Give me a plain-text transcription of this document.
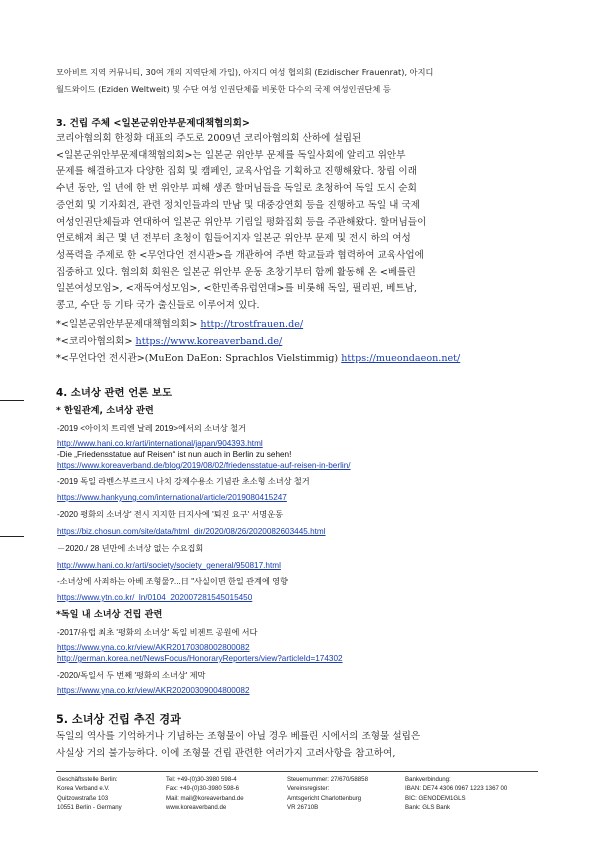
모아비트 지역 커뮤니티, 30여 개의 지역단체 가입), 아지디 여성 협의회 (Ezidischer Frauenrat), 아지디
월드와이드 (Eziden Weltweit) 및 수단 여성 인권단체를 비롯한 다수의 국제 여성인권단체 등
3. 건립 주체 <일본군위안부문제대책협의회>
코리아협의회 한정화 대표의 주도로 2009년 코리아협의회 산하에 설립된
<일본군위안부문제대책협의회>는 일본군 위안부 문제를 독일사회에 알리고 위안부
문제를 해결하고자 다양한 집회 및 캠페인, 교육사업을 기획하고 진행해왔다. 창립 이래
수년 동안, 일 년에 한 번 위안부 피해 생존 할머님들을 독일로 초청하여 독일 도시 순회
증언회 및 기자회견, 관련 정치인들과의 만남 및 대중강연회 등을 진행하고 독일 내 국제
여성인권단체들과 연대하여 일본군 위안부 기림일 평화집회 등을 주관해왔다. 할머님들이
연로해져 최근 몇 년 전부터 초청이 힘들어지자 일본군 위안부 문제 및 전시 하의 여성
성폭력을 주제로 한 <무언다언 전시관>을 개관하여 주변 학교들과 협력하여 교육사업에
집중하고 있다. 협의회 회원은 일본군 위안부 운동 초창기부터 함께 활동해 온 <베를린
일본여성모임>, <재독여성모임>, <한민족유럽연대>를 비롯해 독일, 필리핀, 베트남,
콩고, 수단 등 기타 국가 출신들로 이루어져 있다.
*<일본군위안부문제대책협의회> http://trostfrauen.de/
*<코리아협의회> https://www.koreaverband.de/
*<무언다언 전시관>(MuEon DaEon: Sprachlos Vielstimmig) https://mueondaeon.net/
4. 소녀상 관련 언론 보도
* 한일관계, 소녀상 관련
-2019 <아이치 트리엔 날레 2019>에서의 소녀상 철거
http://www.hani.co.kr/arti/international/japan/904393.html
-Die „Friedensstatue auf Reisen“ ist nun auch in Berlin zu sehen!
https://www.koreaverband.de/blog/2019/08/02/friedensstatue-auf-reisen-in-berlin/
-2019 독일 라벤스부르크시 나치 강제수용소 기념관 초소형 소녀상 철거
https://www.hankyung.com/international/article/2019080415247
-2020 평화의 소녀상' 전시 지지한 日지사에 '퇴진 요구' 서명운동
https://biz.chosun.com/site/data/html_dir/2020/08/26/2020082603445.html
－2020./ 28 년만에 소녀상 없는 수요집회
http://www.hani.co.kr/arti/society/society_general/950817.html
-소녀상에 사죄하는 아베 조형물?...日 "사실이면 한일 관계에 영향
https://www.ytn.co.kr/_ln/0104_202007281545015450
*독일 내 소녀상 건립 관련
-2017/유럽 최초 '평화의 소녀상' 독일 비젠트 공원에 서다
https://www.yna.co.kr/view/AKR20170308002800082
http://german.korea.net/NewsFocus/HonoraryReporters/view?articleId=174302
-2020/독일서 두 번째 '평화의 소녀상' 제막
https://www.yna.co.kr/view/AKR20200309004800082
5. 소녀상 건립 추진 경과
독일의 역사를 기억하거나 기념하는 조형물이 아닐 경우 베를린 시에서의 조형물 설립은
사실상 거의 불가능하다. 이에 조형물 건립 관련한 여러가지 고려사항을 참고하여,
Geschäftsstelle Berlin:
Korea Verband e.V.
Quitzowstraße 103
10551 Berlin - Germany
Tel: +49-(0)30-3980 598-4
Fax: +49-(0)30-3980 598-6
Mail: mail@koreaverband.de
www.koreaverband.de
Steuernummer: 27/670/58858
Vereinsregister:
Amtsgericht Charlottenburg
VR 26710B
Bankverbindung:
IBAN: DE74 4306 0967 1223 1367 00
BIC: GENODEM1GLS
Bank: GLS Bank
